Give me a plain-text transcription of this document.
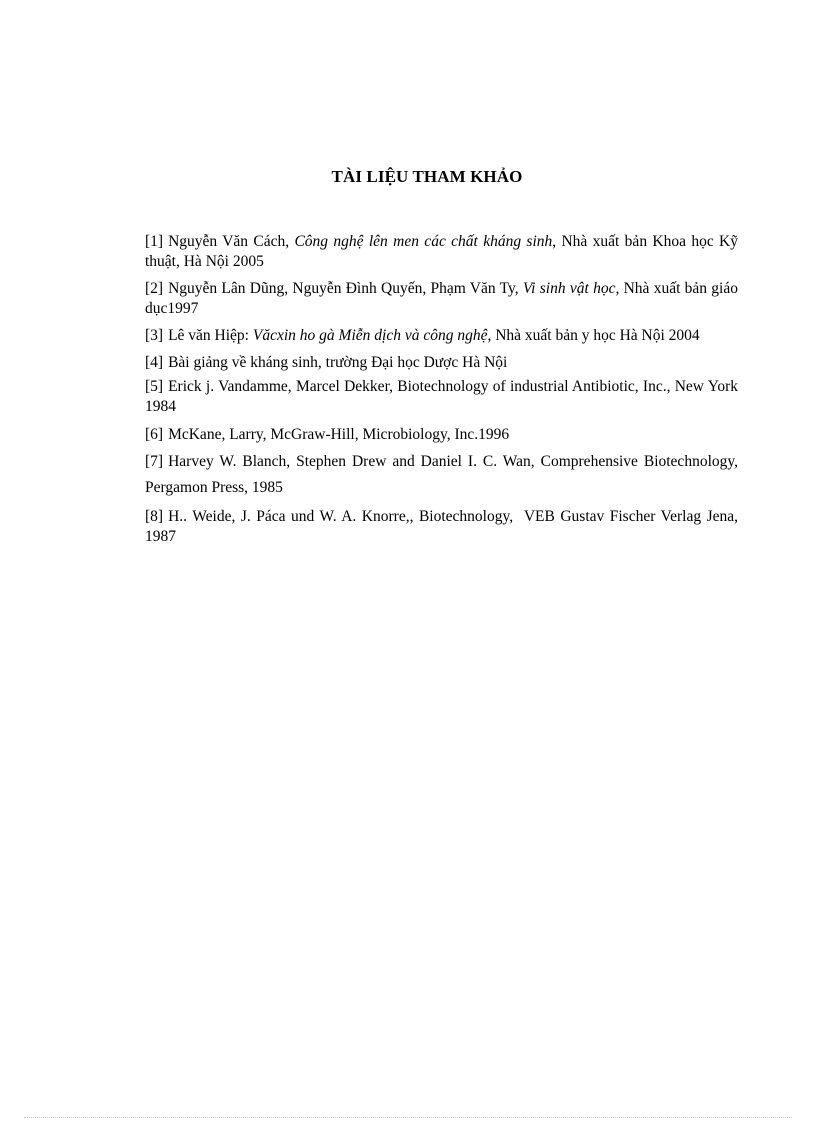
TÀI LIỆU THAM KHẢO

[1] Nguyễn Văn Cách, Công nghệ lên men các chất kháng sinh, Nhà xuất bản Khoa học Kỹ thuật, Hà Nội 2005

[2] Nguyễn Lân Dũng, Nguyễn Đình Quyến, Phạm Văn Ty, Vi sinh vật học, Nhà xuất bản giáo dục1997

[3] Lê văn Hiệp: Văcxin ho gà Miễn dịch và công nghệ, Nhà xuất bản y học Hà Nội 2004

[4] Bài giảng về kháng sinh, trường Đại học Dược Hà Nội

[5] Erick j. Vandamme, Marcel Dekker, Biotechnology of industrial Antibiotic, Inc., New York 1984

[6] McKane, Larry, McGraw-Hill, Microbiology, Inc.1996

[7] Harvey W. Blanch, Stephen Drew and Daniel I. C. Wan, Comprehensive Biotechnology,      Pergamon Press, 1985

[8] H.. Weide, J. Páca und W. A. Knorre,, Biotechnology,  VEB Gustav Fischer Verlag Jena, 1987
